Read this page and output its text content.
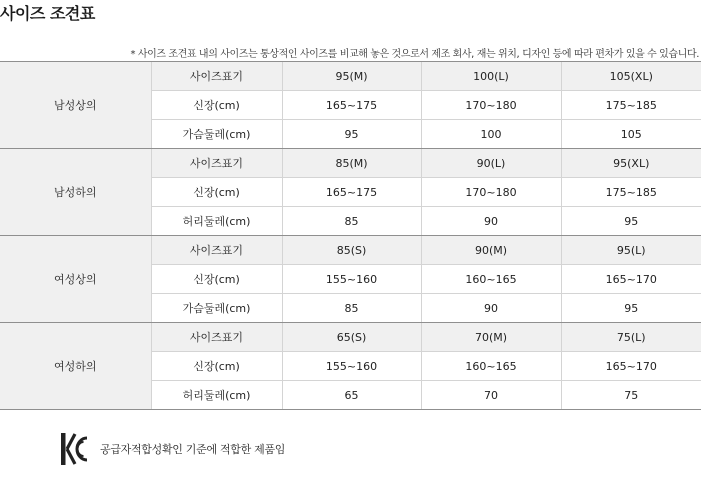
사이즈 조견표
* 사이즈 조견표 내의 사이즈는 통상적인 사이즈를 비교해 놓은 것으로서 제조 회사, 재는 위치, 디자인 등에 따라 편차가 있을 수 있습니다.
남성상의	사이즈표기	95(M)	100(L)	105(XL)
	신장(cm)	165~175	170~180	175~185
	가슴둘레(cm)	95	100	105
남성하의	사이즈표기	85(M)	90(L)	95(XL)
	신장(cm)	165~175	170~180	175~185
	허리둘레(cm)	85	90	95
여성상의	사이즈표기	85(S)	90(M)	95(L)
	신장(cm)	155~160	160~165	165~170
	가슴둘레(cm)	85	90	95
여성하의	사이즈표기	65(S)	70(M)	75(L)
	신장(cm)	155~160	160~165	165~170
	허리둘레(cm)	65	70	75
공급자적합성확인 기준에 적합한 제품임
